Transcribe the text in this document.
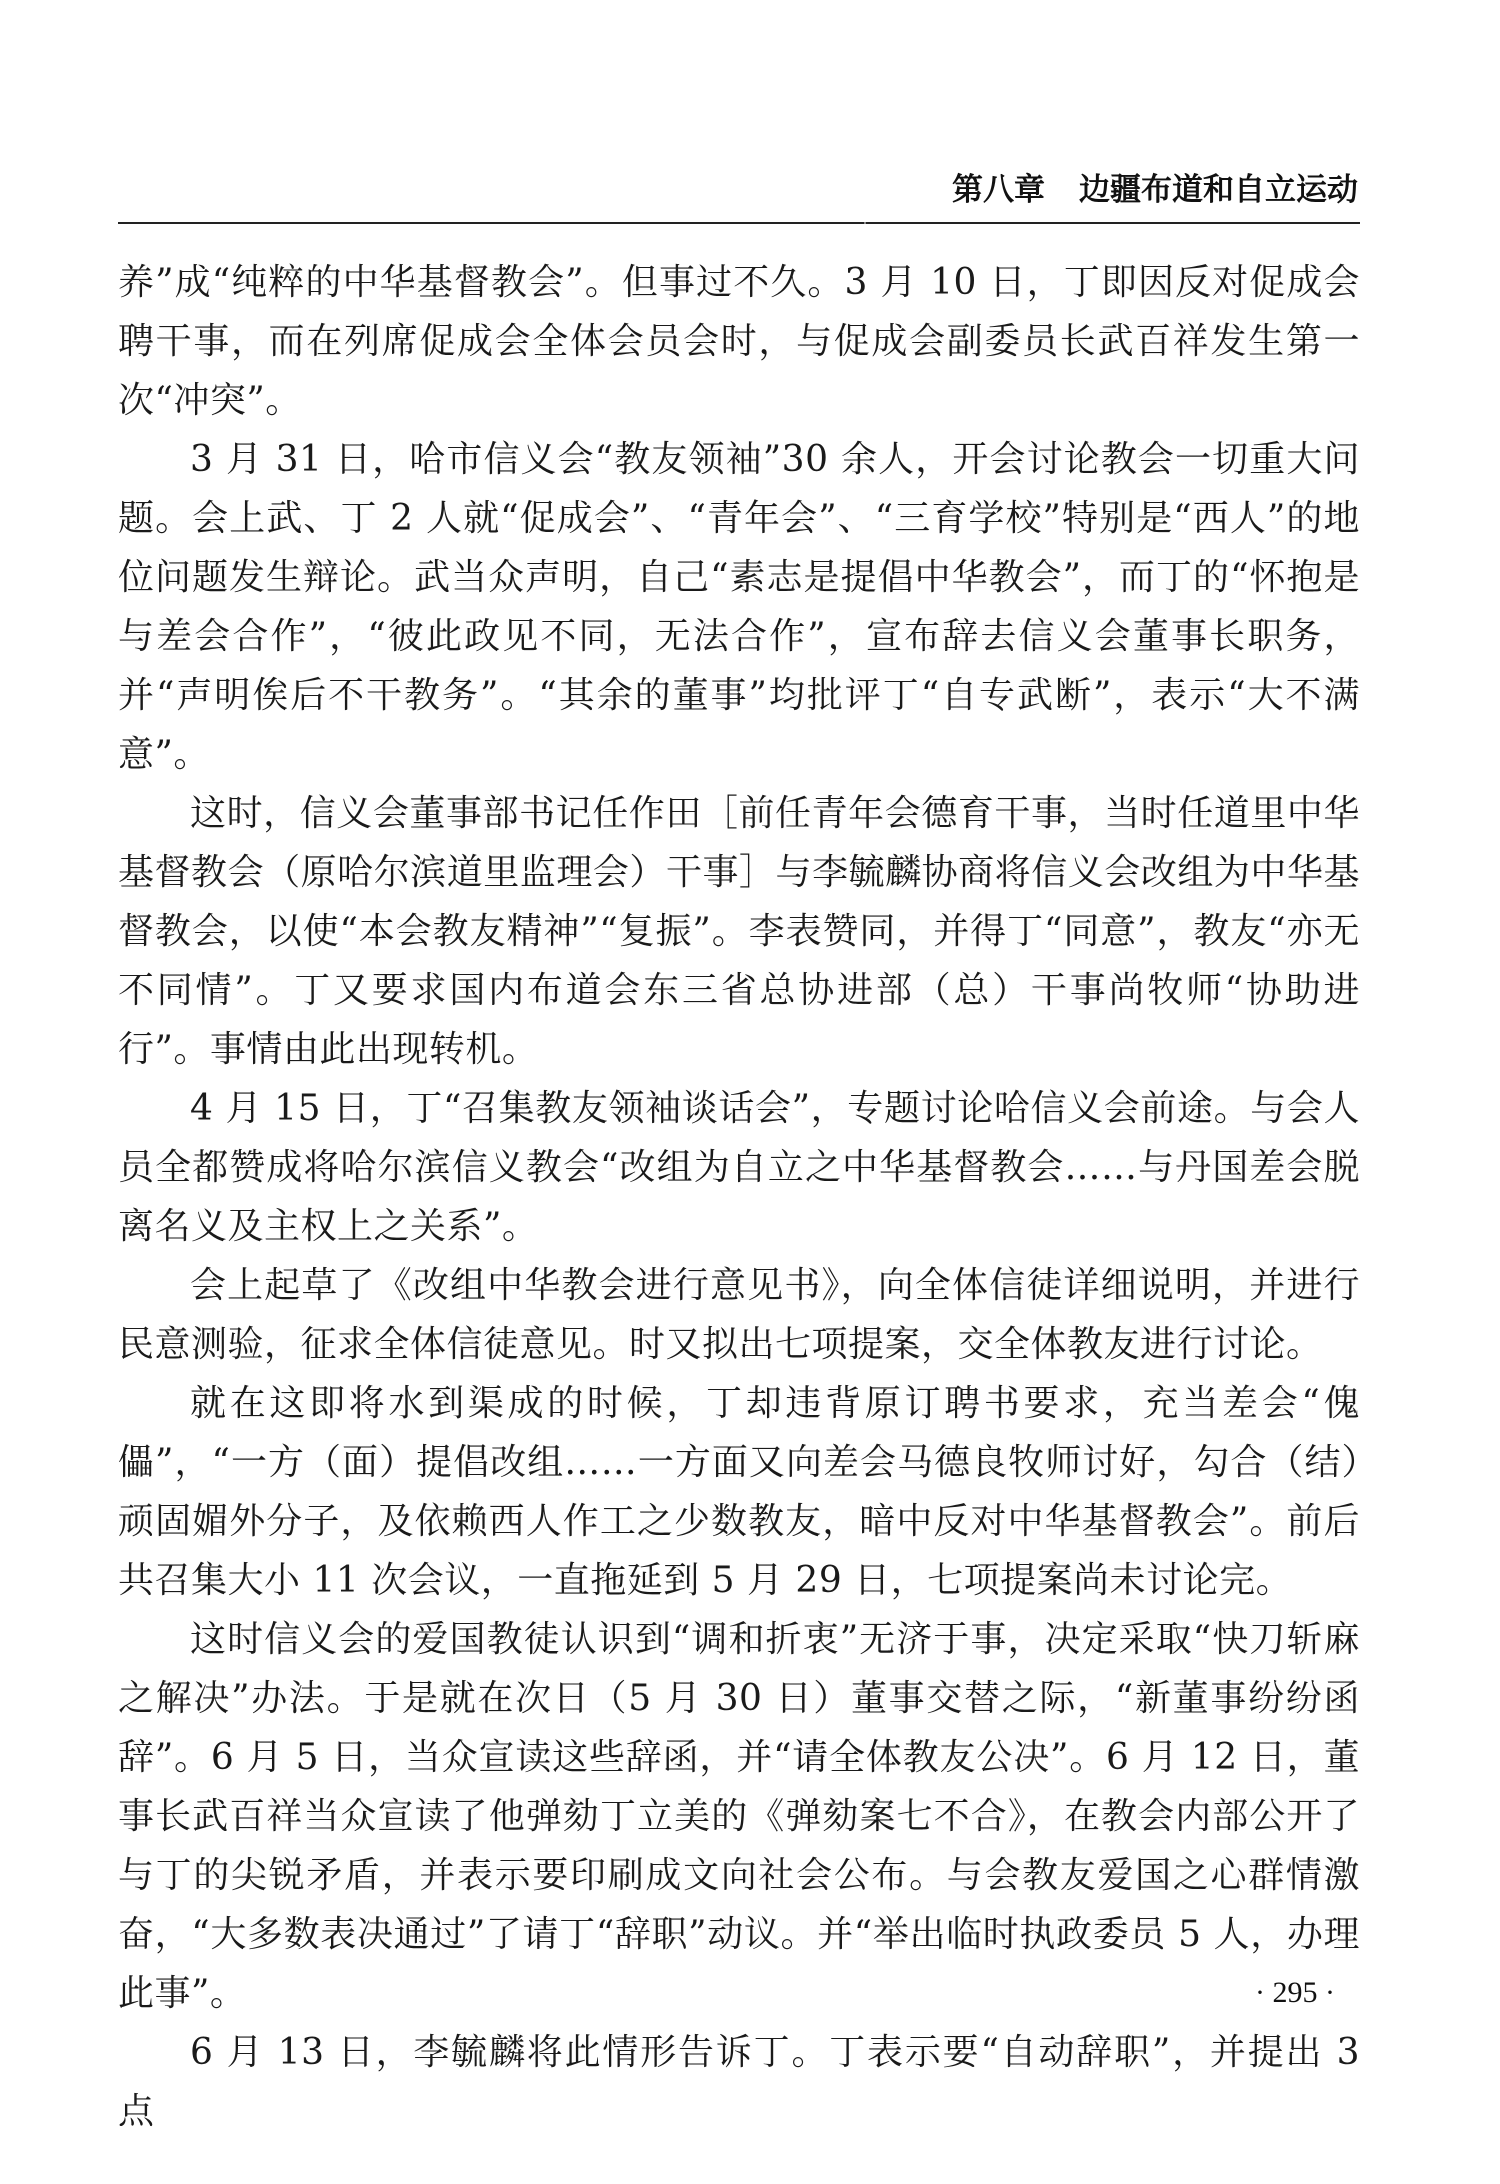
第八章 边疆布道和自立运动

养”成“纯粹的中华基督教会”。但事过不久。3 月 10 日，丁即因反对促成会聘干事，而在列席促成会全体会员会时，与促成会副委员长武百祥发生第一次“冲突”。

3 月 31 日，哈市信义会“教友领袖”30 余人，开会讨论教会一切重大问题。会上武、丁 2 人就“促成会”、“青年会”、“三育学校”特别是“西人”的地位问题发生辩论。武当众声明，自己“素志是提倡中华教会”，而丁的“怀抱是与差会合作”，“彼此政见不同，无法合作”，宣布辞去信义会董事长职务，并“声明俟后不干教务”。“其余的董事”均批评丁“自专武断”，表示“大不满意”。

这时，信义会董事部书记任作田［前任青年会德育干事，当时任道里中华基督教会（原哈尔滨道里监理会）干事］与李毓麟协商将信义会改组为中华基督教会，以使“本会教友精神”“复振”。李表赞同，并得丁“同意”，教友“亦无不同情”。丁又要求国内布道会东三省总协进部（总）干事尚牧师“协助进行”。事情由此出现转机。

4 月 15 日，丁“召集教友领袖谈话会”，专题讨论哈信义会前途。与会人员全都赞成将哈尔滨信义教会“改组为自立之中华基督教会……与丹国差会脱离名义及主权上之关系”。

会上起草了《改组中华教会进行意见书》，向全体信徒详细说明，并进行民意测验，征求全体信徒意见。时又拟出七项提案，交全体教友进行讨论。

就在这即将水到渠成的时候，丁却违背原订聘书要求，充当差会“傀儡”，“一方（面）提倡改组……一方面又向差会马德良牧师讨好，勾合（结）顽固媚外分子，及依赖西人作工之少数教友，暗中反对中华基督教会”。前后共召集大小 11 次会议，一直拖延到 5 月 29 日，七项提案尚未讨论完。

这时信义会的爱国教徒认识到“调和折衷”无济于事，决定采取“快刀斩麻之解决”办法。于是就在次日（5 月 30 日）董事交替之际，“新董事纷纷函辞”。6 月 5 日，当众宣读这些辞函，并“请全体教友公决”。6 月 12 日，董事长武百祥当众宣读了他弹劾丁立美的《弹劾案七不合》，在教会内部公开了与丁的尖锐矛盾，并表示要印刷成文向社会公布。与会教友爱国之心群情激奋，“大多数表决通过”了请丁“辞职”动议。并“举出临时执政委员 5 人，办理此事”。

6 月 13 日，李毓麟将此情形告诉丁。丁表示要“自动辞职”，并提出 3 点

· 295 ·
